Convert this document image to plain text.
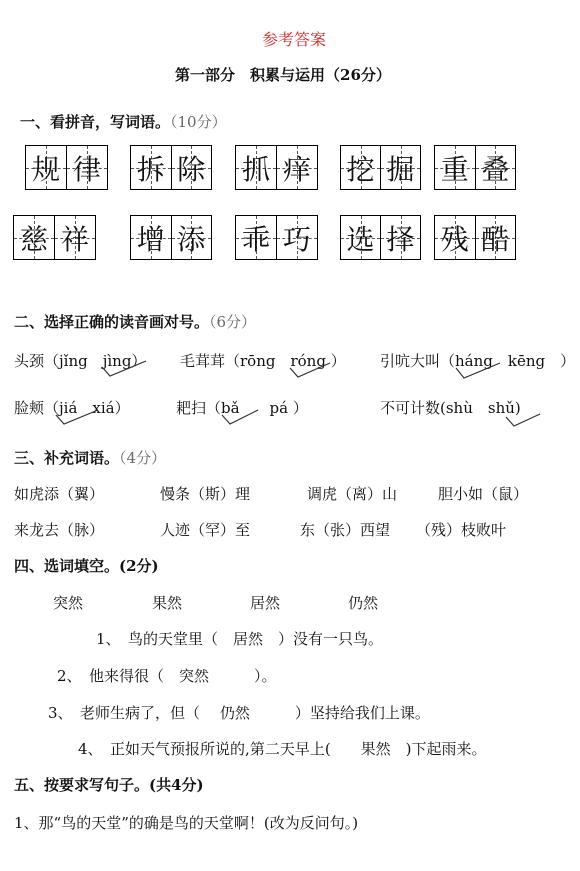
参考答案
第一部分　积累与运用（26分）
一、看拼音，写词语。（10分）
规 律 拆 除 抓 痒 挖 掘 重 叠
慈 祥 增 添 乖 巧 选 择 残 酷
二、选择正确的读音画对号。（6分）
头颈（jǐng　jìng） 毛茸茸（rōng　róng ） 引吭大叫（háng　kēng　）
脸颊（jiá　xiá）	耙扫（bǎ　　pá ）	不可计数(shù　shǔ)
三、补充词语。（4分）
如虎添（翼）	慢条（斯）理	调虎（离）山	胆小如（鼠）
来龙去（脉）	人迹（罕）至	东（张）西望 （残）枝败叶
四、选词填空。(2分)
突然	果然	居然	仍然
1、　鸟的天堂里（　居然　）没有一只鸟。
2、　他来得很（　突然　　　）。
3、　老师生病了，但（　 仍然　　　）坚持给我们上课。
4、　正如天气预报所说的,第二天早上(　　果然　)下起雨来。
五、按要求写句子。(共4分)
1、那“鸟的天堂”的确是鸟的天堂啊！(改为反问句。)
